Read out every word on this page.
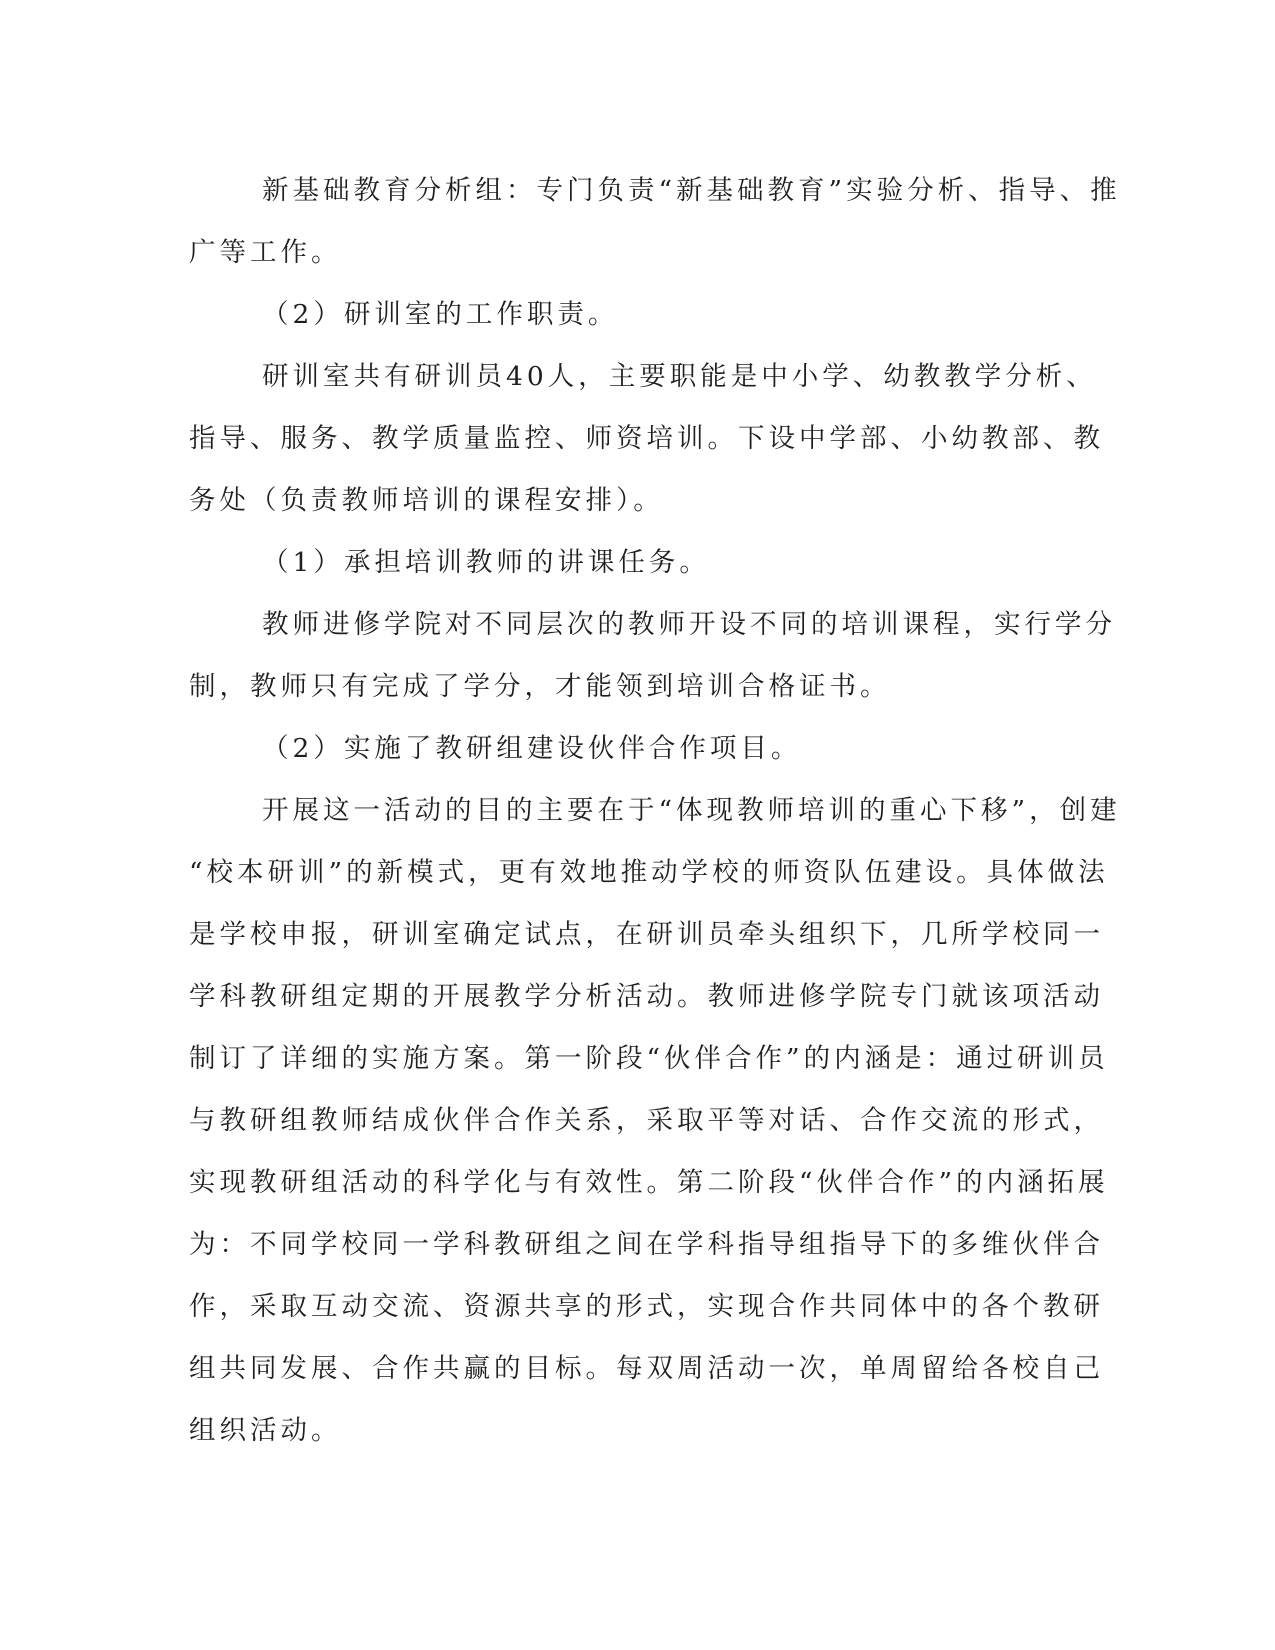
新基础教育分析组：专门负责“新基础教育”实验分析、指导、推
广等工作。
（2）研训室的工作职责。
研训室共有研训员40人，主要职能是中小学、幼教教学分析、
指导、服务、教学质量监控、师资培训。下设中学部、小幼教部、教
务处（负责教师培训的课程安排）。
（1）承担培训教师的讲课任务。
教师进修学院对不同层次的教师开设不同的培训课程，实行学分
制，教师只有完成了学分，才能领到培训合格证书。
（2）实施了教研组建设伙伴合作项目。
开展这一活动的目的主要在于“体现教师培训的重心下移”，创建
“校本研训”的新模式，更有效地推动学校的师资队伍建设。具体做法
是学校申报，研训室确定试点，在研训员牵头组织下，几所学校同一
学科教研组定期的开展教学分析活动。教师进修学院专门就该项活动
制订了详细的实施方案。第一阶段“伙伴合作”的内涵是：通过研训员
与教研组教师结成伙伴合作关系，采取平等对话、合作交流的形式，
实现教研组活动的科学化与有效性。第二阶段“伙伴合作”的内涵拓展
为：不同学校同一学科教研组之间在学科指导组指导下的多维伙伴合
作，采取互动交流、资源共享的形式，实现合作共同体中的各个教研
组共同发展、合作共赢的目标。每双周活动一次，单周留给各校自己
组织活动。
